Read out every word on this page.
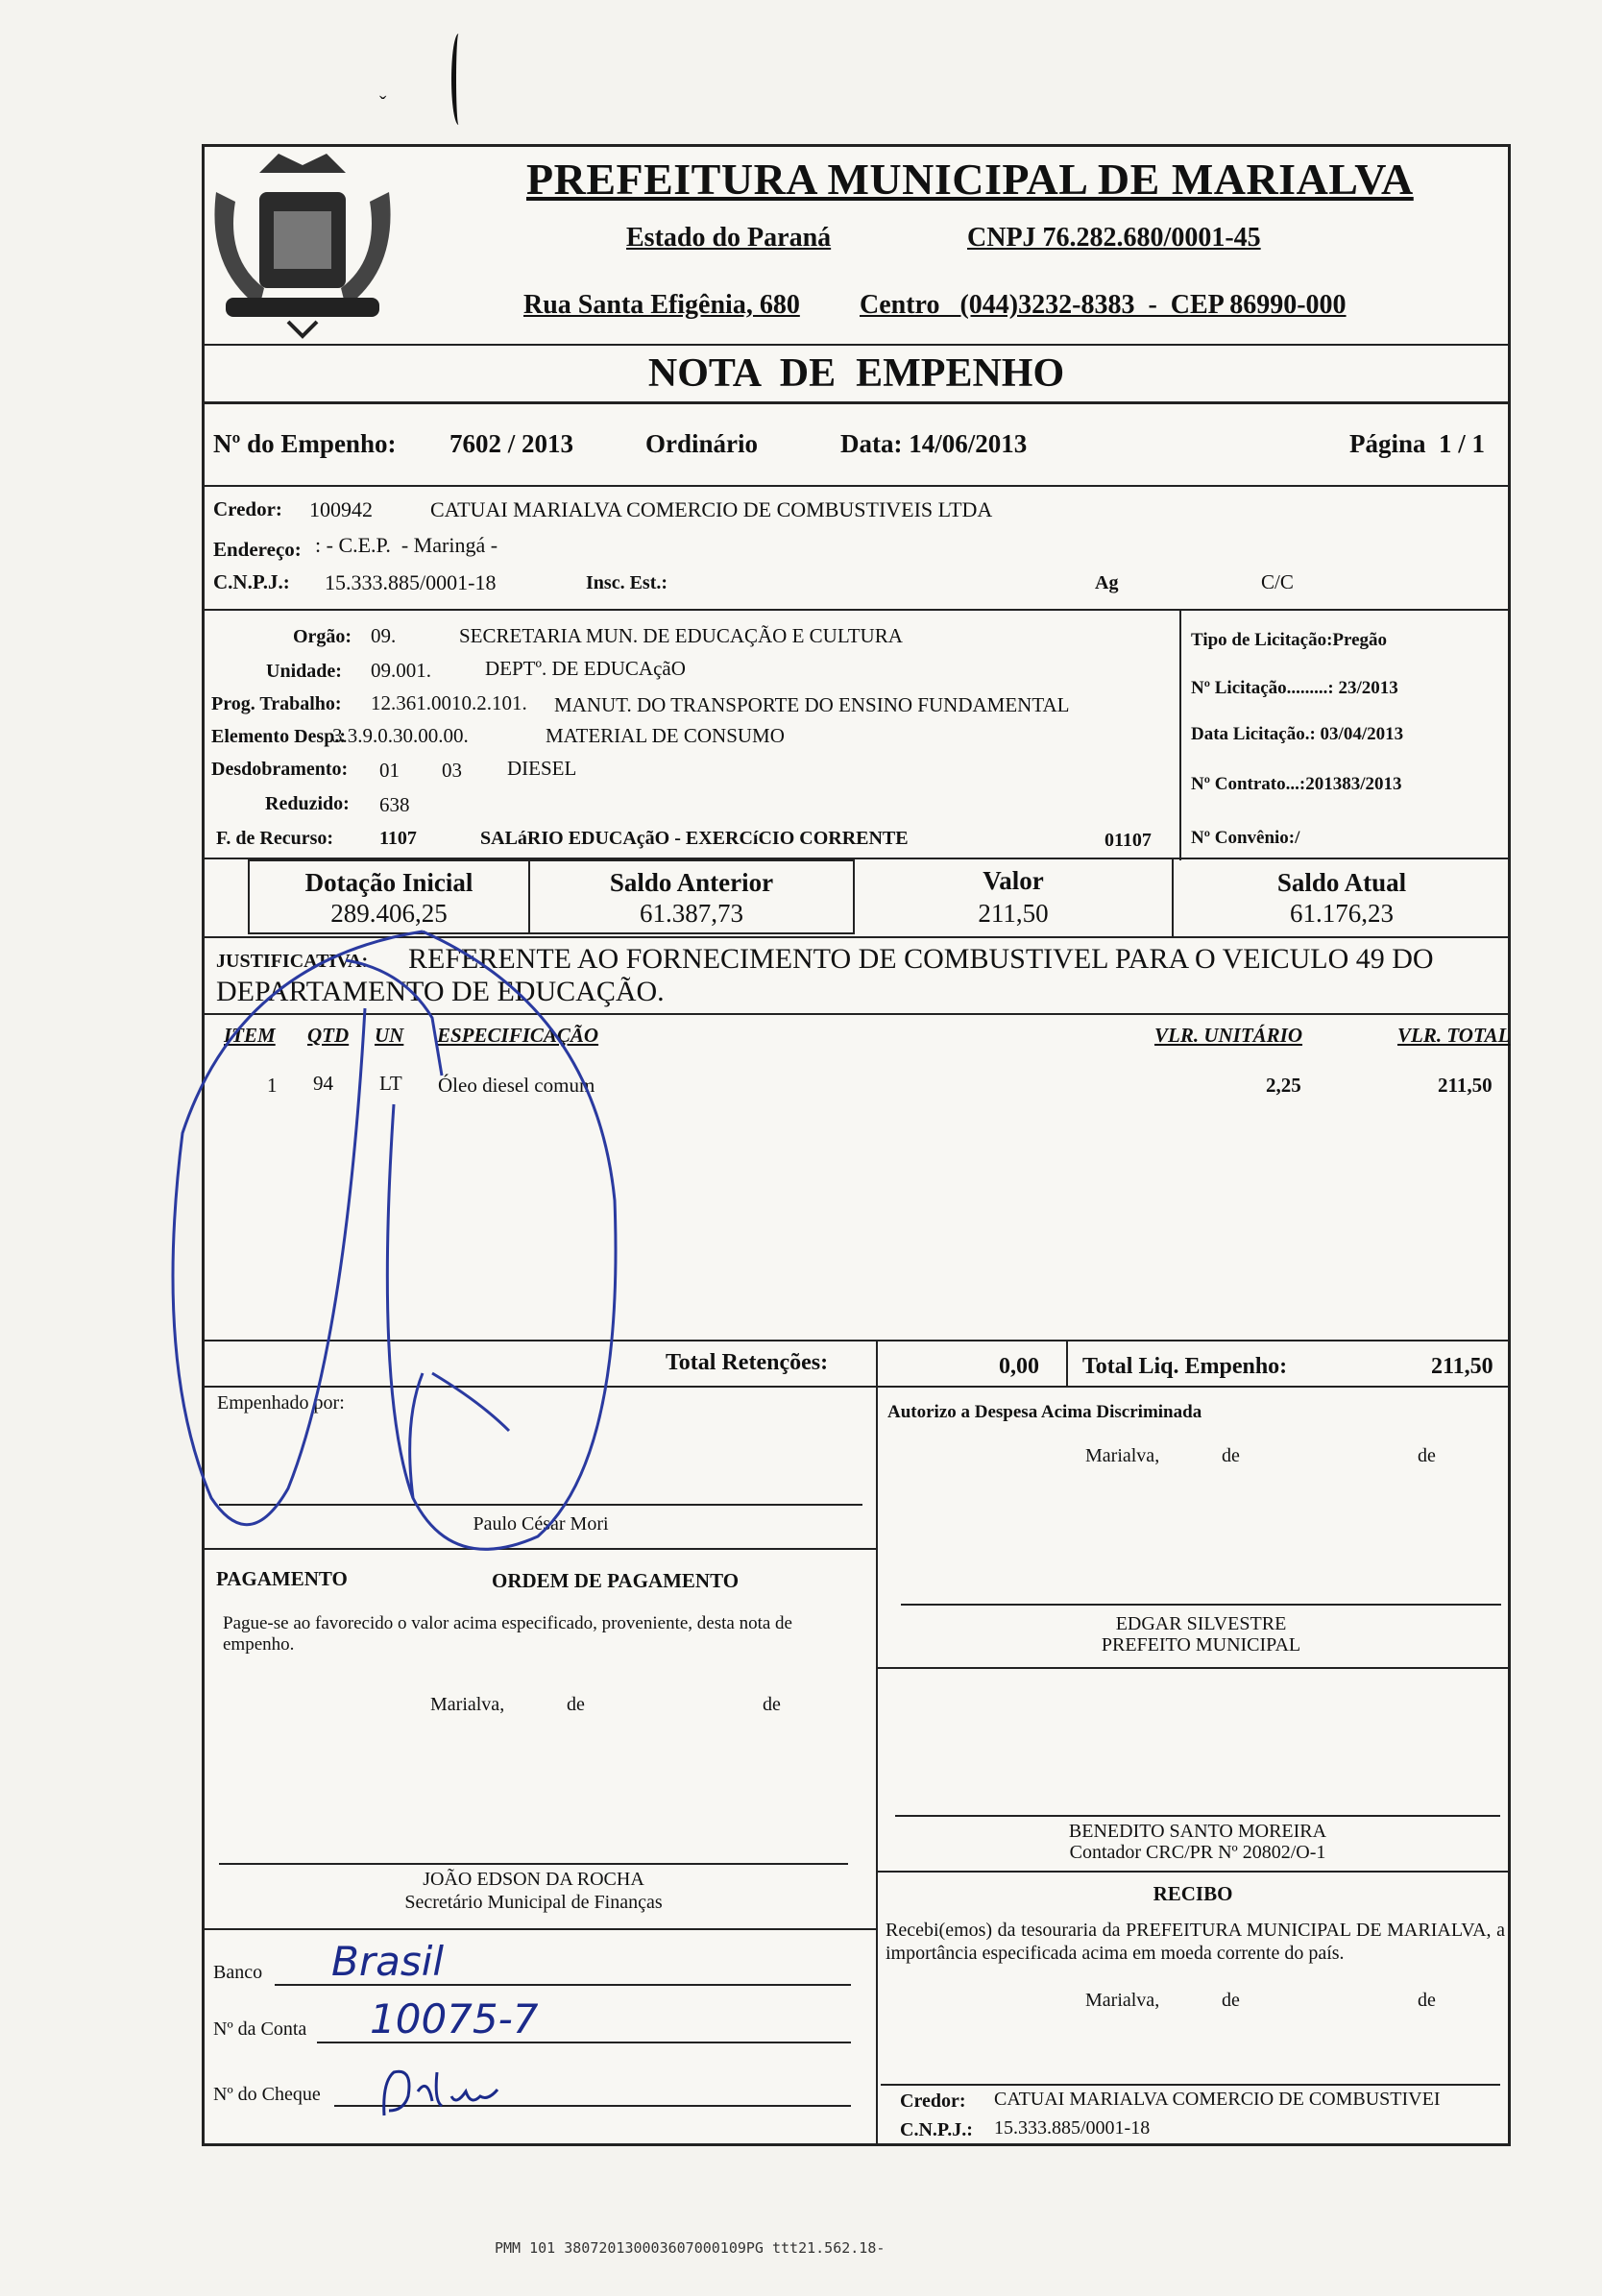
ˇ
PREFEITURA MUNICIPAL DE MARIALVA
Estado do Paraná	CNPJ 76.282.680/0001-45
Rua Santa Efigênia, 680 Centro   (044)3232-8383  -  CEP 86990-000
NOTA  DE  EMPENHO
Nº do Empenho: 7602 / 2013	Ordinário	Data: 14/06/2013	Página  1 / 1
Credor: 100942	CATUAI MARIALVA COMERCIO DE COMBUSTIVEIS LTDA
Endereço: : - C.E.P.  - Maringá -
C.N.P.J.: 15.333.885/0001-18	Insc. Est.:	Ag	C/C
Orgão: 09.	SECRETARIA MUN. DE EDUCAÇÃO E CULTURA
Unidade: 09.001.	DEPTº. DE EDUCAçãO
Prog. Trabalho: 12.361.0010.2.101. MANUT. DO TRANSPORTE DO ENSINO FUNDAMENTAL
Elemento Desp.:
3.3.9.0.30.00.00.	MATERIAL DE CONSUMO
Desdobramento: 01 03 DIESEL
Reduzido: 638
F. de Recurso: 1107	SALáRIO EDUCAçãO - EXERCíCIO CORRENTE	01107
Tipo de Licitação:Pregão
Nº Licitação.........: 23/2013
Data Licitação.: 03/04/2013
Nº Contrato...:201383/2013
Nº Convênio:/
Dotação Inicial
289.406,25
Saldo Anterior
61.387,73
Valor
211,50
Saldo Atual
61.176,23
JUSTIFICATIVA: REFERENTE AO FORNECIMENTO DE COMBUSTIVEL PARA O VEICULO 49 DO
DEPARTAMENTO DE EDUCAÇÃO.
ITEM QTD UN ESPECIFICAÇÃO	VLR. UNITÁRIO	VLR. TOTAL
1 94 LT Óleo diesel comum	2,25	211,50
Total Retenções:	0,00 Total Liq. Empenho:	211,50
Empenhado por:
Paulo César Mori
Autorizo a Despesa Acima Discriminada
Marialva,	de	de
PAGAMENTO	ORDEM DE PAGAMENTO
Pague-se ao favorecido o valor acima especificado, proveniente, desta nota de empenho.
Marialva,	de	de
EDGAR SILVESTRE
PREFEITO MUNICIPAL
BENEDITO SANTO MOREIRA
Contador CRC/PR Nº 20802/O-1
JOÃO EDSON DA ROCHA
Secretário Municipal de Finanças	RECIBO
Recebi(emos) da tesouraria da PREFEITURA MUNICIPAL DE MARIALVA, a importância especificada acima em moeda corrente do país.
Marialva,	de	de
Banco Brasil
Nº da Conta 10075-7
Nº do Cheque	Credor: CATUAI MARIALVA COMERCIO DE COMBUSTIVEI
C.N.P.J.: 15.333.885/0001-18
PMM 101 380720130003607000109PG ttt21.562.18-
